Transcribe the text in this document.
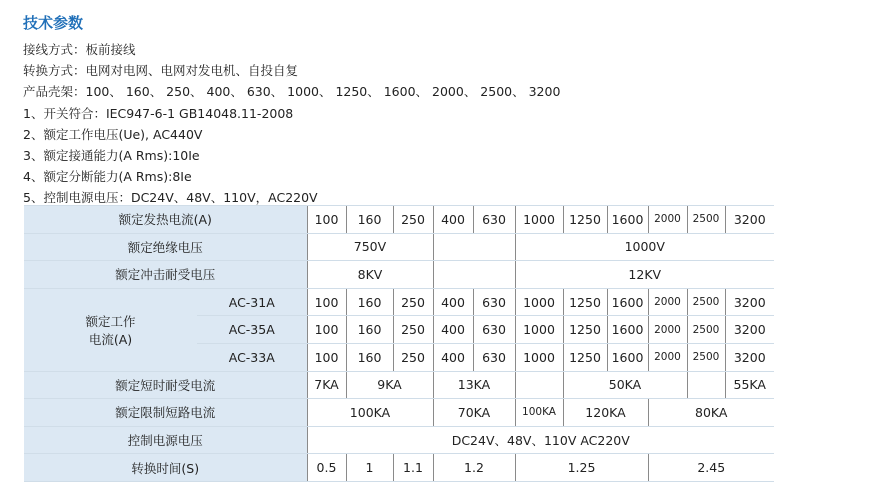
技术参数
接线方式：板前接线
转换方式：电网对电网、电网对发电机、自投自复
产品壳架：100、 160、 250、 400、 630、 1000、 1250、 1600、 2000、 2500、 3200
1、开关符合：IEC947-6-1 GB14048.11-2008
2、额定工作电压(Ue), AC440V
3、额定接通能力(A Rms):10Ie
4、额定分断能力(A Rms):8Ie
5、控制电源电压：DC24V、48V、110V，AC220V
额定发热电流(A)		100	160	250	400	630	1000	1250	1600	2000	2500	3200
额定绝缘电压		750V					1000V					
额定冲击耐受电压		8KV					12KV					

额定工作
电流(A)	AC-31A	100	160	250	400	630	1000	1250	1600	2000	2500	3200
	AC-35A	100	160	250	400	630	1000	1250	1600	2000	2500	3200
	AC-33A	100	160	250	400	630	1000	1250	1600	2000	2500	3200
额定短时耐受电流		7KA	9KA		13KA			50KA				55KA
额定限制短路电流		100KA			70KA		100KA	120KA		80KA		
控制电源电压		DC24V、48V、110V AC220V										
转换时间(S)		0.5	1	1.1	1.2		1.25			2.45		
